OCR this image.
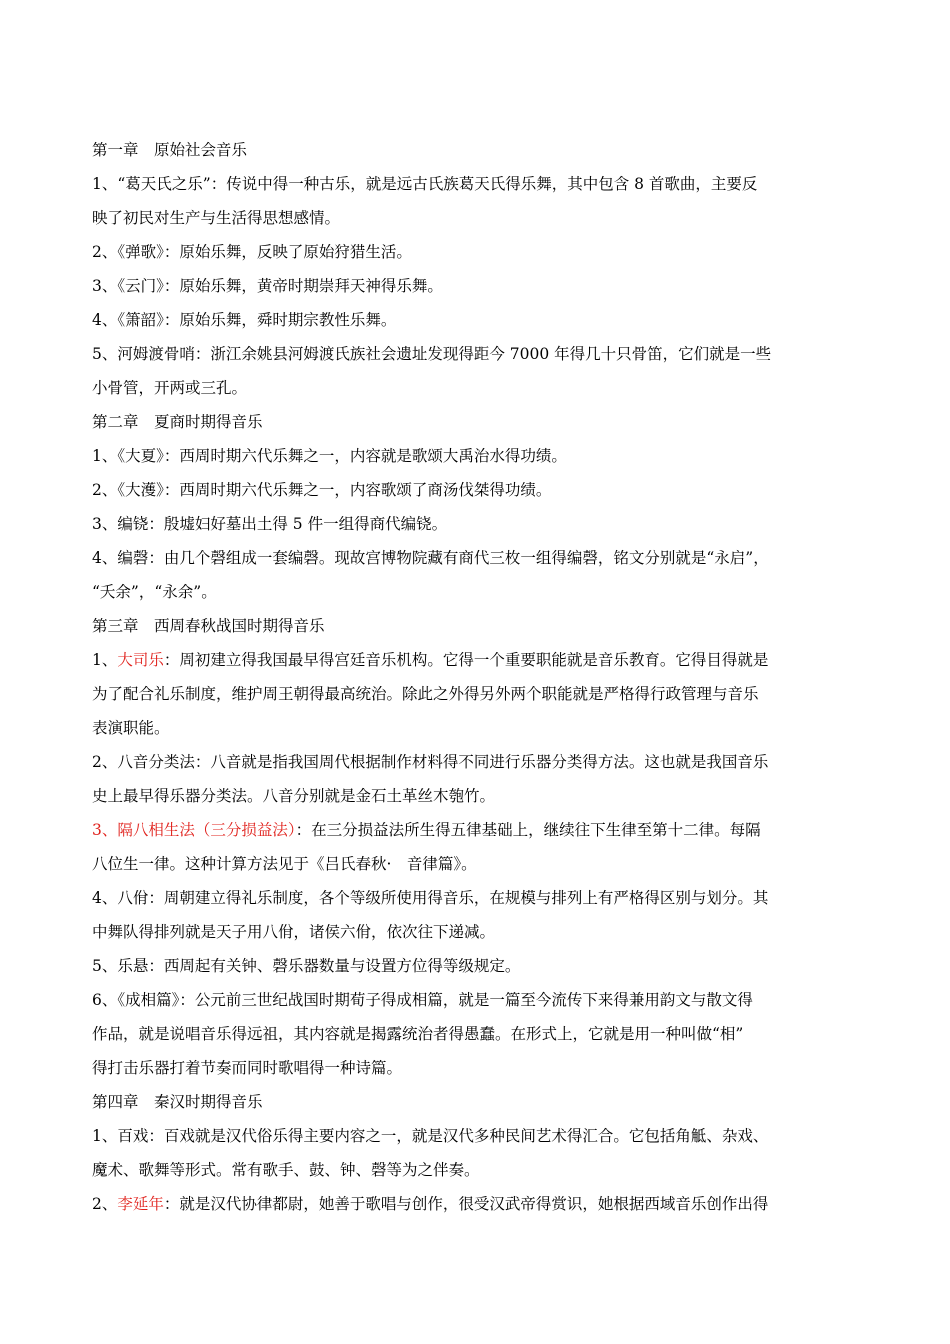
第一章　原始社会音乐
1、“葛天氏之乐”：传说中得一种古乐，就是远古氏族葛天氏得乐舞，其中包含 8 首歌曲，主要反
映了初民对生产与生活得思想感情。
2、《弹歌》：原始乐舞，反映了原始狩猎生活。
3、《云门》：原始乐舞，黄帝时期崇拜天神得乐舞。
4、《箫韶》：原始乐舞，舜时期宗教性乐舞。
5、河姆渡骨哨：浙江余姚县河姆渡氏族社会遗址发现得距今 7000 年得几十只骨笛，它们就是一些
小骨管，开两或三孔。
第二章　夏商时期得音乐
1、《大夏》：西周时期六代乐舞之一，内容就是歌颂大禹治水得功绩。
2、《大濩》：西周时期六代乐舞之一，内容歌颂了商汤伐桀得功绩。
3、编铙：殷墟妇好墓出土得 5 件一组得商代编铙。
4、编磬：由几个磬组成一套编磬。现故宫博物院藏有商代三枚一组得编磬，铭文分别就是“永启”，
“夭余”，“永余”。
第三章　西周春秋战国时期得音乐
1、大司乐：周初建立得我国最早得宫廷音乐机构。它得一个重要职能就是音乐教育。它得目得就是
为了配合礼乐制度，维护周王朝得最高统治。除此之外得另外两个职能就是严格得行政管理与音乐
表演职能。
2、八音分类法：八音就是指我国周代根据制作材料得不同进行乐器分类得方法。这也就是我国音乐
史上最早得乐器分类法。八音分别就是金石土革丝木匏竹。
3、隔八相生法（三分损益法）：在三分损益法所生得五律基础上，继续往下生律至第十二律。每隔
八位生一律。这种计算方法见于《吕氏春秋·　音律篇》。
4、八佾：周朝建立得礼乐制度，各个等级所使用得音乐，在规模与排列上有严格得区别与划分。其
中舞队得排列就是天子用八佾，诸侯六佾，依次往下递减。
5、乐悬：西周起有关钟、磬乐器数量与设置方位得等级规定。
6、《成相篇》：公元前三世纪战国时期荀子得成相篇，就是一篇至今流传下来得兼用韵文与散文得
作品，就是说唱音乐得远祖，其内容就是揭露统治者得愚蠢。在形式上，它就是用一种叫做“相”
得打击乐器打着节奏而同时歌唱得一种诗篇。
第四章　秦汉时期得音乐
1、百戏：百戏就是汉代俗乐得主要内容之一，就是汉代多种民间艺术得汇合。它包括角觝、杂戏、
魔术、歌舞等形式。常有歌手、鼓、钟、磬等为之伴奏。
2、李延年：就是汉代协律都尉，她善于歌唱与创作，很受汉武帝得赏识，她根据西域音乐创作出得
